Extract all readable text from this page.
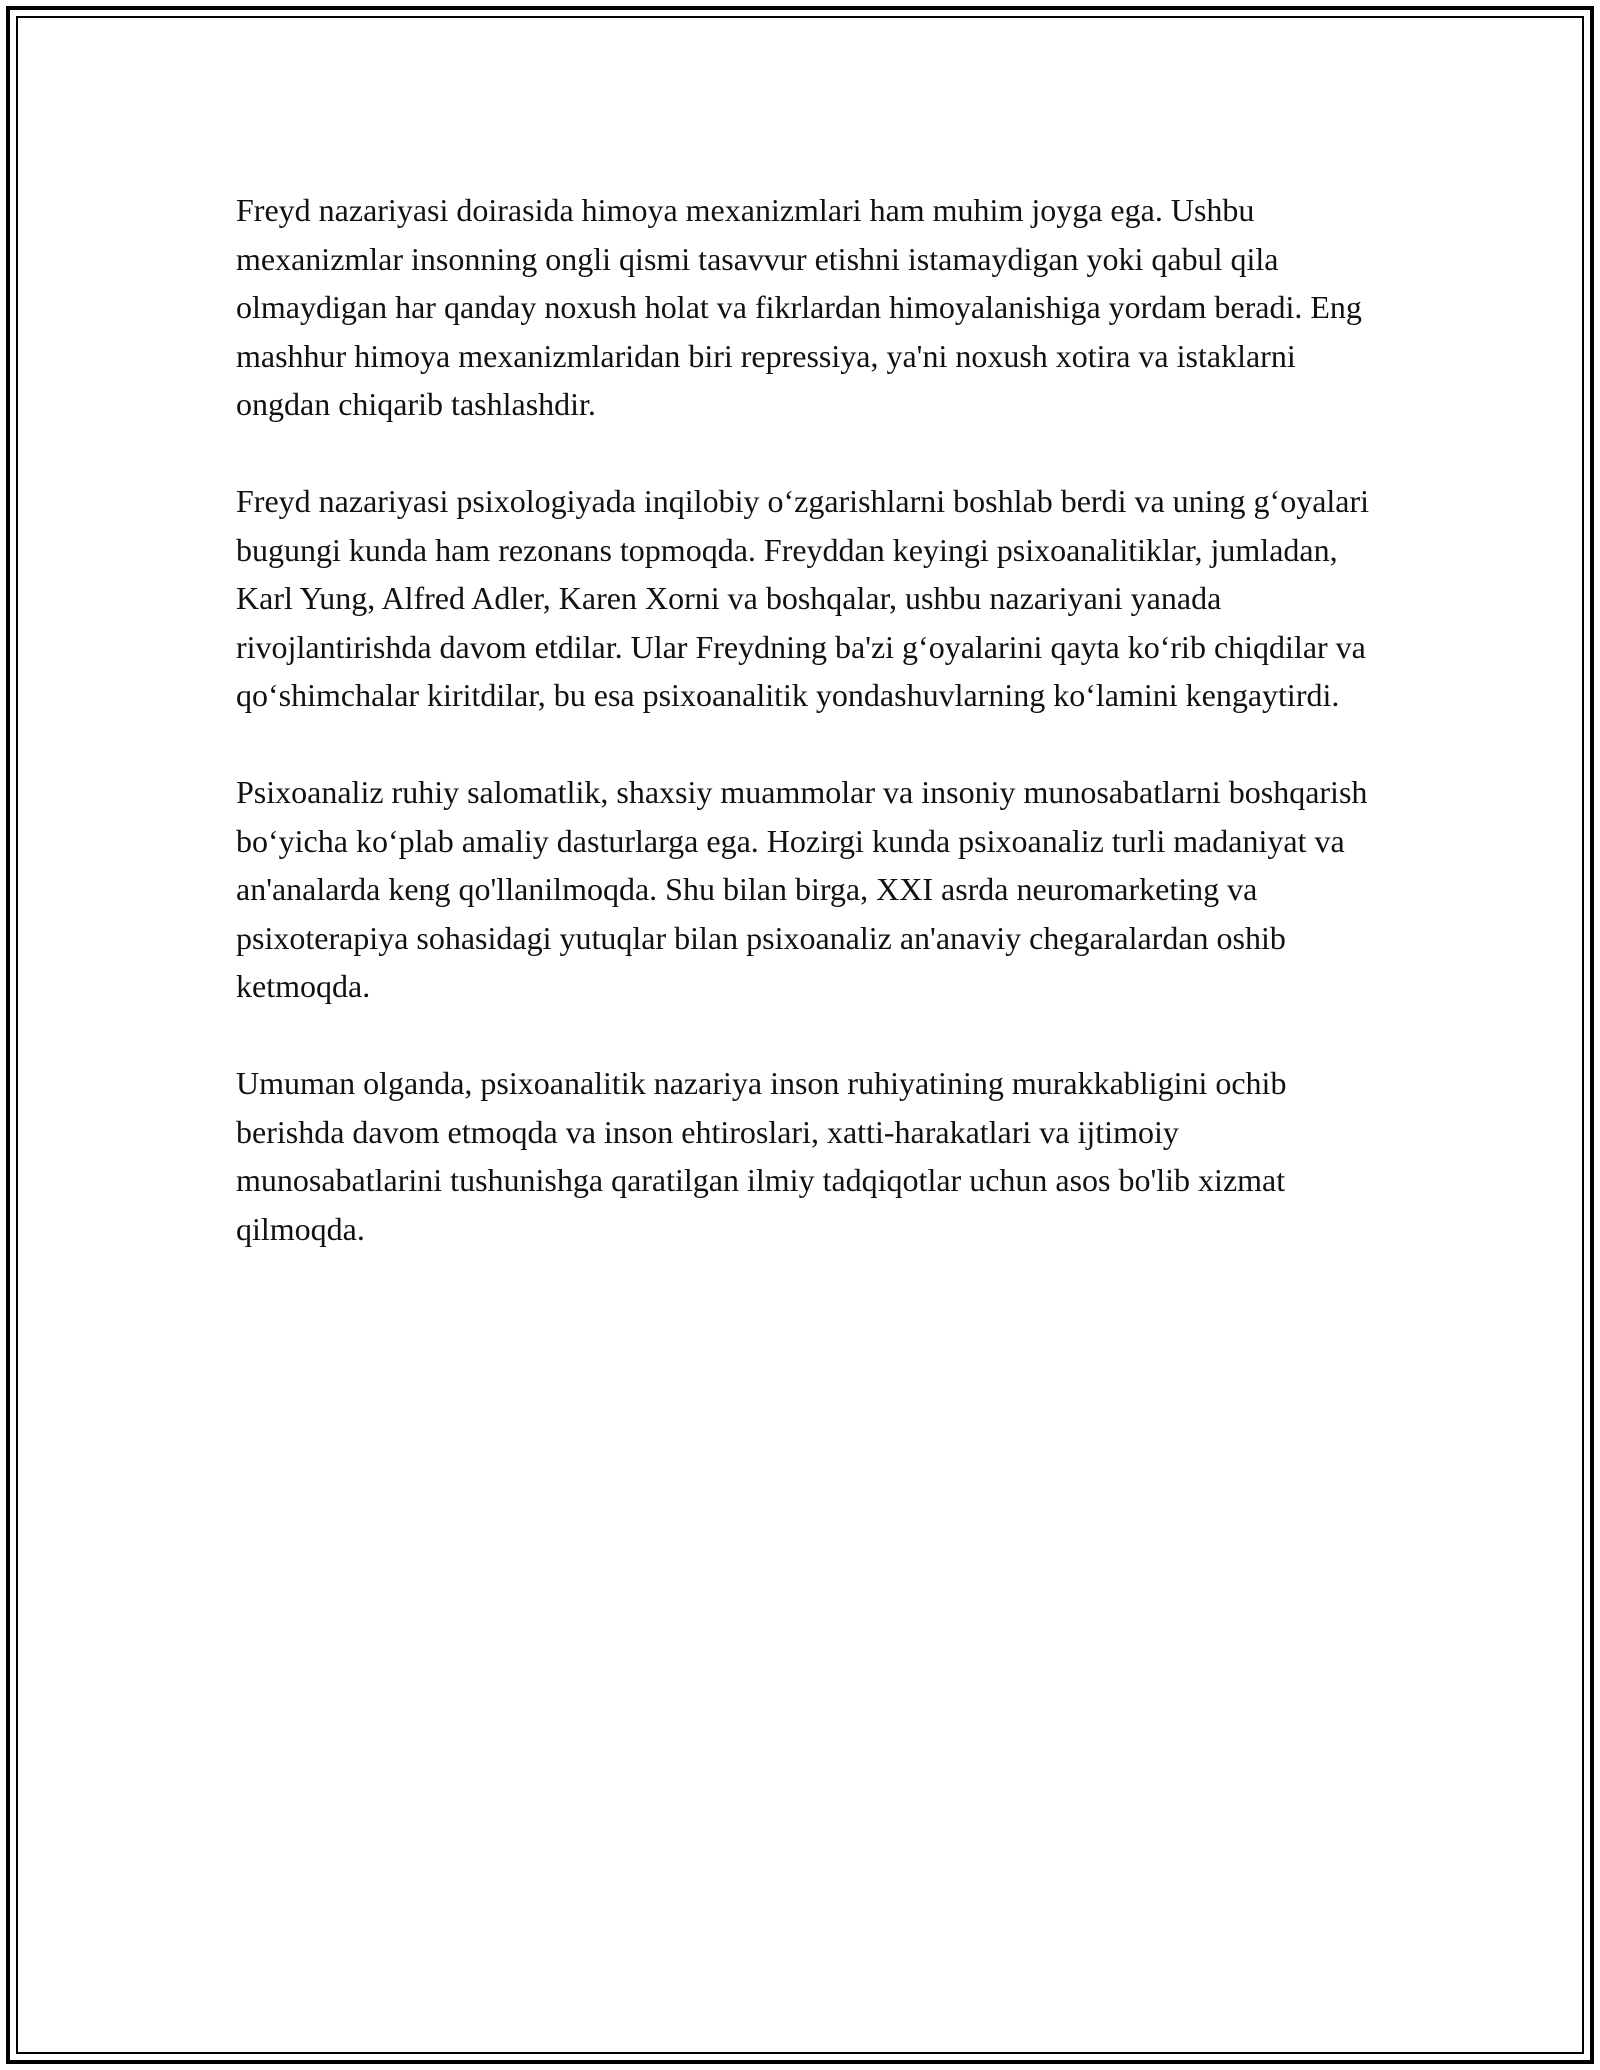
Freyd nazariyasi doirasida himoya mexanizmlari ham muhim joyga ega. Ushbu mexanizmlar insonning ongli qismi tasavvur etishni istamaydigan yoki qabul qila olmaydigan har qanday noxush holat va fikrlardan himoyalanishiga yordam beradi. Eng mashhur himoya mexanizmlaridan biri repressiya, ya'ni noxush xotira va istaklarni ongdan chiqarib tashlashdir.

Freyd nazariyasi psixologiyada inqilobiy o‘zgarishlarni boshlab berdi va uning g‘oyalari bugungi kunda ham rezonans topmoqda. Freyddan keyingi psixoanalitiklar, jumladan, Karl Yung, Alfred Adler, Karen Xorni va boshqalar, ushbu nazariyani yanada rivojlantirishda davom etdilar. Ular Freydning ba'zi g‘oyalarini qayta ko‘rib chiqdilar va qo‘shimchalar kiritdilar, bu esa psixoanalitik yondashuvlarning ko‘lamini kengaytirdi.

Psixoanaliz ruhiy salomatlik, shaxsiy muammolar va insoniy munosabatlarni boshqarish bo‘yicha ko‘plab amaliy dasturlarga ega. Hozirgi kunda psixoanaliz turli madaniyat va an'analarda keng qo'llanilmoqda. Shu bilan birga, XXI asrda neuromarketing va psixoterapiya sohasidagi yutuqlar bilan psixoanaliz an'anaviy chegaralardan oshib ketmoqda.

Umuman olganda, psixoanalitik nazariya inson ruhiyatining murakkabligini ochib berishda davom etmoqda va inson ehtiroslari, xatti-harakatlari va ijtimoiy munosabatlarini tushunishga qaratilgan ilmiy tadqiqotlar uchun asos bo'lib xizmat qilmoqda.
